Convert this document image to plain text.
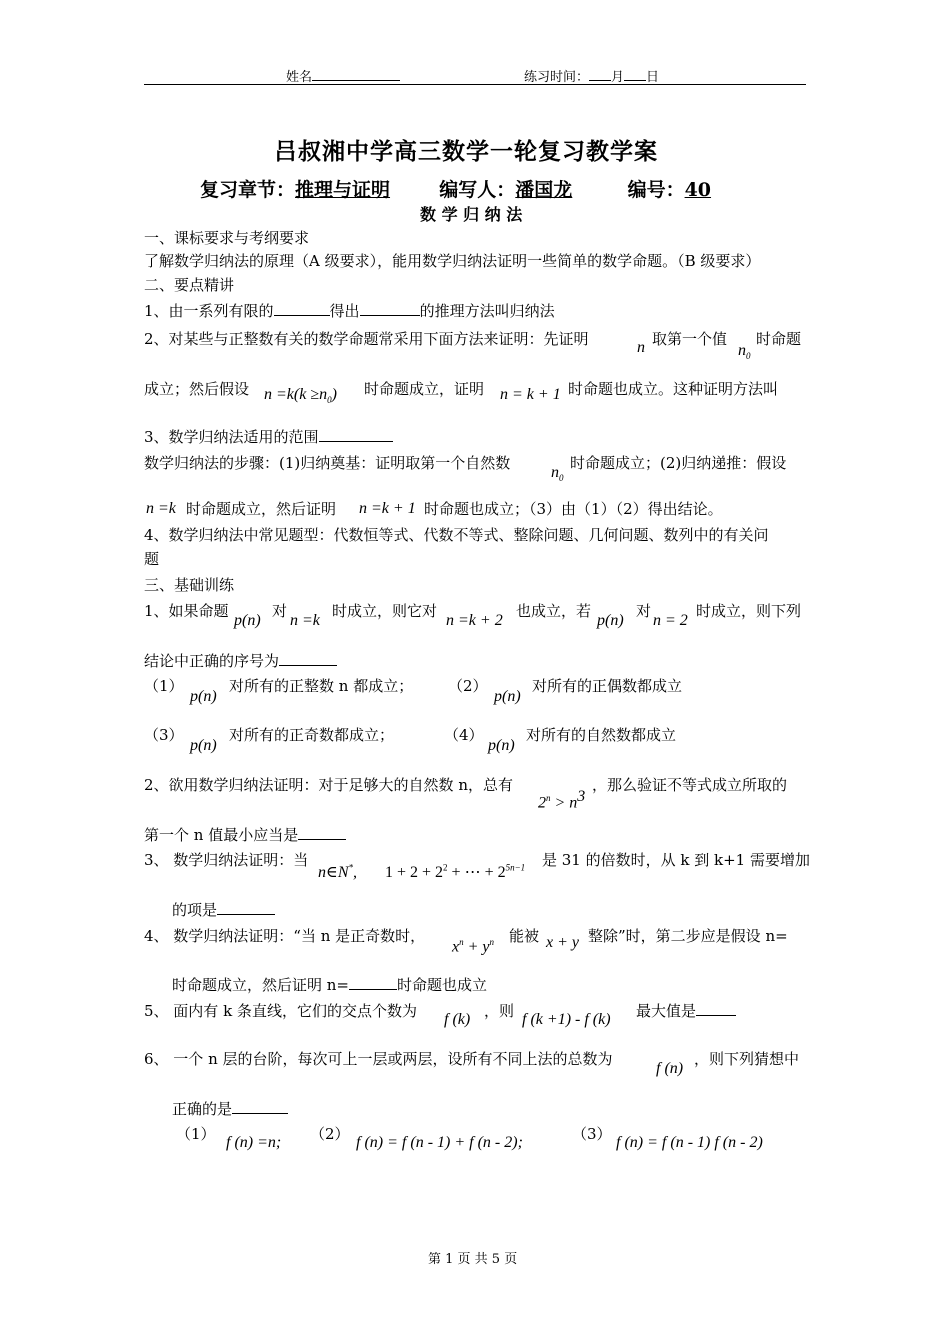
姓名	练习时间： 月 日
吕叔湘中学高三数学一轮复习教学案
复习章节：推理与证明	编写人：潘国龙	编号：40
数 学 归 纳 法
一、课标要求与考纲要求
了解数学归纳法的原理（A 级要求），能用数学归纳法证明一些简单的数学命题。（B 级要求）
二、要点精讲
1、由一系列有限的	得出	的推理方法叫归纳法
2、对某些与正整数有关的数学命题常采用下面方法来证明：先证明	n 取第一个值
$n_0$
时命题
成立；然后假设 $n =k(k \ge n_0)$ 时命题成立，证明 n = k + 1 时命题也成立。这种证明方法叫
3、数学归纳法适用的范围
数学归纳法的步骤：(1)归纳奠基：证明取第一个自然数
$n_0$
时命题成立；(2)归纳递推：假设
n =k 时命题成立，然后证明 n =k + 1 时命题也成立；（3）由（1）（2）得出结论。
4、数学归纳法中常见题型：代数恒等式、代数不等式、整除问题、几何问题、数列中的有关问
题
三、基础训练
1、如果命题
p(n)
对
n =k
时成立，则它对
n =k + 2
也成立，若
p(n)
对
n = 2
时成立，则下列
结论中正确的序号为
（1）
p(n)
对所有的正整数 n 都成立； （2）
p(n)
对所有的正偶数都成立
（3）
p(n)
对所有的正奇数都成立；	（4）
p(n)
对所有的自然数都成立
2、欲用数学归纳法证明：对于足够大的自然数 n，总有
$2^n > n^3$
，那么验证不等式成立所取的
第一个 n 值最小应当是
3、 数学归纳法证明：当
n∈N*, $1 + 2 + 2^2$ + ⋯ + $2^{5n-1}$ 是 31 的倍数时，从 k 到 k+1 需要增加
的项是
4、 数学归纳法证明：“当 n 是正奇数时，
$x^n + y^n$ 能被 x + y 整除”时，第二步应是假设 n=
时命题成立，然后证明 n=	时命题也成立
5、 面内有 k 条直线，它们的交点个数为 f (k) ，则 f (k +1) - f (k) 最大值是
6、 一个 n 层的台阶，每次可上一层或两层，设所有不同上法的总数为
f (n)
，则下列猜想中
正确的是
（1） f (n) =n; （2） f (n) = f (n - 1) + f (n - 2);	（3） f (n) = f (n - 1) f (n - 2)
第 1 页 共 5 页
